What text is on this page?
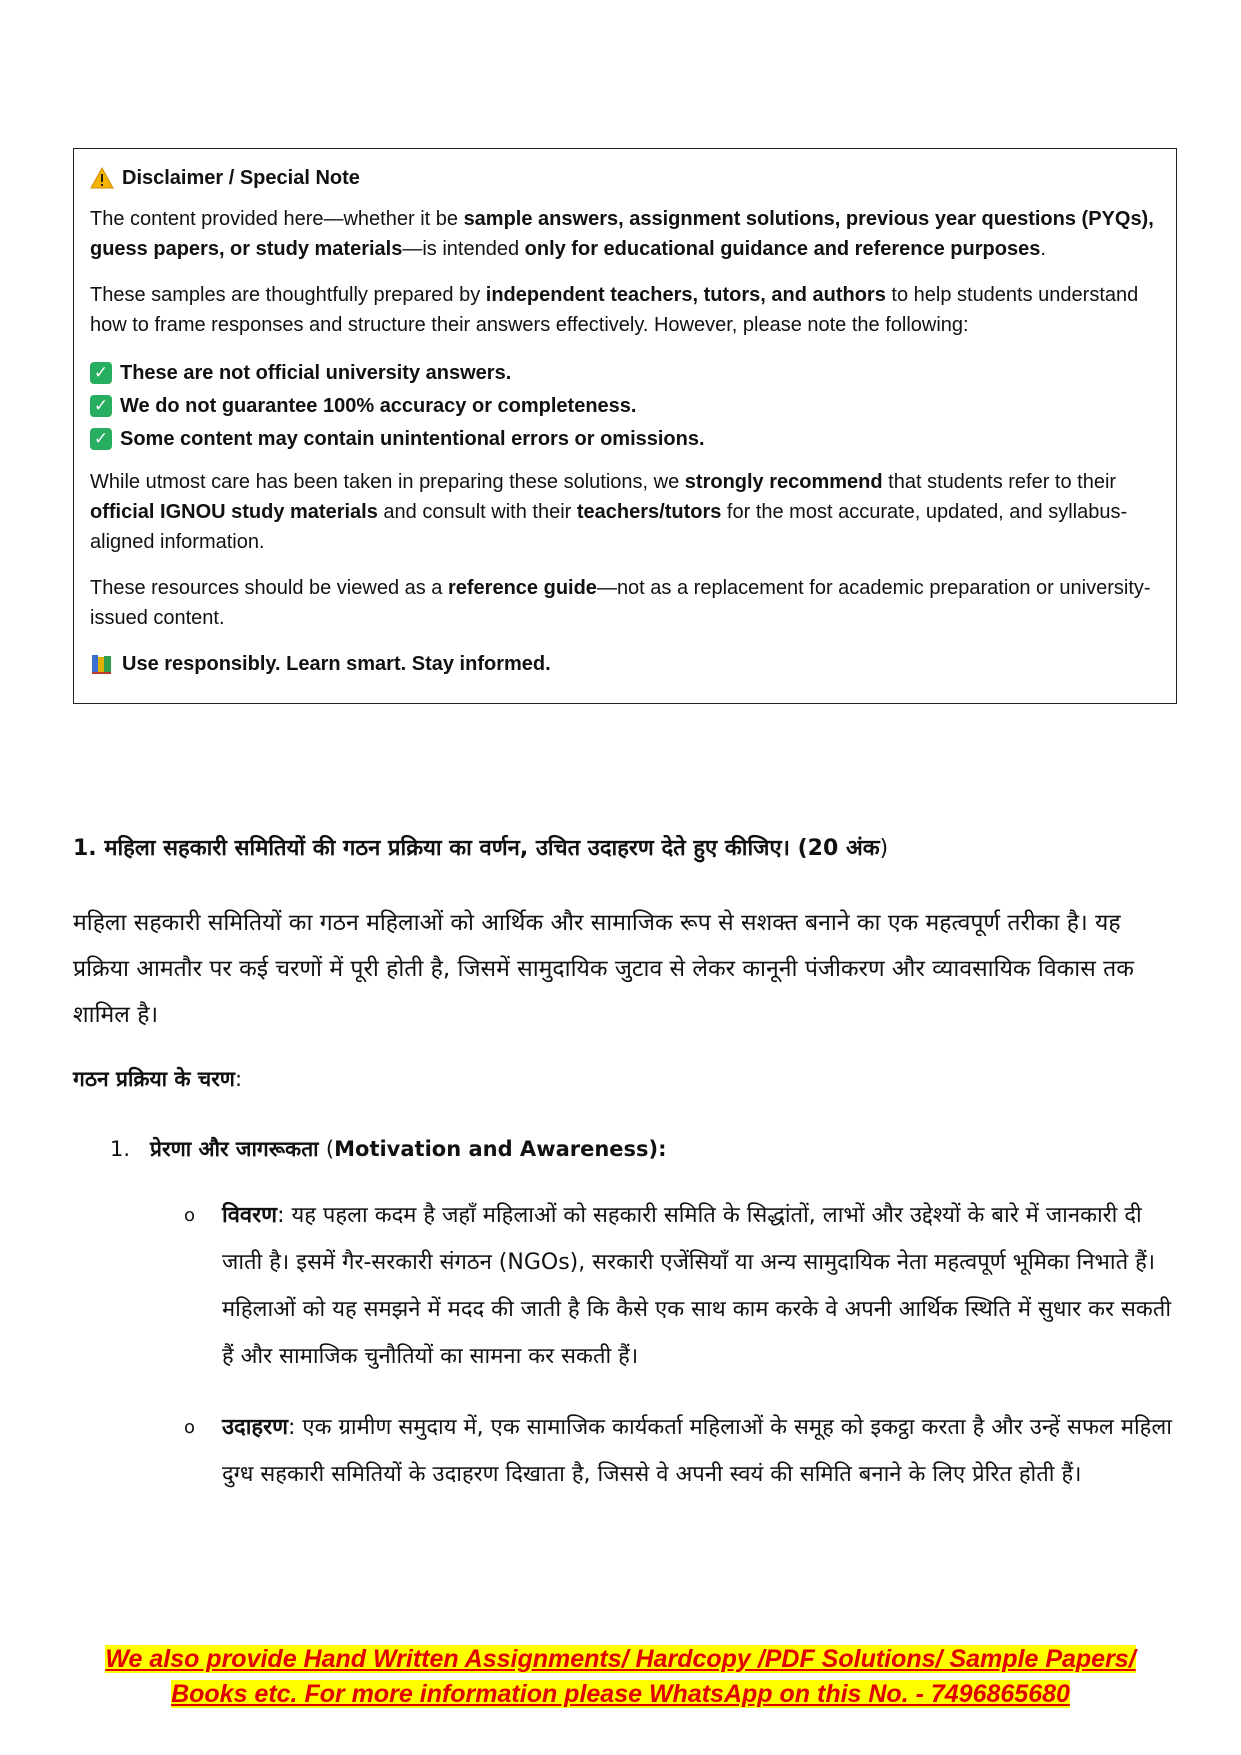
Disclaimer / Special Note

The content provided here—whether it be sample answers, assignment solutions, previous year questions (PYQs), guess papers, or study materials—is intended only for educational guidance and reference purposes.

These samples are thoughtfully prepared by independent teachers, tutors, and authors to help students understand how to frame responses and structure their answers effectively. However, please note the following:

✓ These are not official university answers.
✓ We do not guarantee 100% accuracy or completeness.
✓ Some content may contain unintentional errors or omissions.

While utmost care has been taken in preparing these solutions, we strongly recommend that students refer to their official IGNOU study materials and consult with their teachers/tutors for the most accurate, updated, and syllabus-aligned information.

These resources should be viewed as a reference guide—not as a replacement for academic preparation or university-issued content.

Use responsibly. Learn smart. Stay informed.
1. महिला सहकारी समितियों की गठन प्रक्रिया का वर्णन, उचित उदाहरण देते हुए कीजिए। (20 अंक)
महिला सहकारी समितियों का गठन महिलाओं को आर्थिक और सामाजिक रूप से सशक्त बनाने का एक महत्वपूर्ण तरीका है। यह प्रक्रिया आमतौर पर कई चरणों में पूरी होती है, जिसमें सामुदायिक जुटाव से लेकर कानूनी पंजीकरण और व्यावसायिक विकास तक शामिल है।
गठन प्रक्रिया के चरण:
1. प्रेरणा और जागरूकता (Motivation and Awareness):
o	विवरण: यह पहला कदम है जहाँ महिलाओं को सहकारी समिति के सिद्धांतों, लाभों और उद्देश्यों के बारे में जानकारी दी जाती है। इसमें गैर-सरकारी संगठन (NGOs), सरकारी एजेंसियाँ या अन्य सामुदायिक नेता महत्वपूर्ण भूमिका निभाते हैं। महिलाओं को यह समझने में मदद की जाती है कि कैसे एक साथ काम करके वे अपनी आर्थिक स्थिति में सुधार कर सकती हैं और सामाजिक चुनौतियों का सामना कर सकती हैं।
o	उदाहरण: एक ग्रामीण समुदाय में, एक सामाजिक कार्यकर्ता महिलाओं के समूह को इकट्ठा करता है और उन्हें सफल महिला दुग्ध सहकारी समितियों के उदाहरण दिखाता है, जिससे वे अपनी स्वयं की समिति बनाने के लिए प्रेरित होती हैं।
We also provide Hand Written Assignments/ Hardcopy /PDF Solutions/ Sample Papers/
Books etc. For more information please WhatsApp on this No. - 7496865680
